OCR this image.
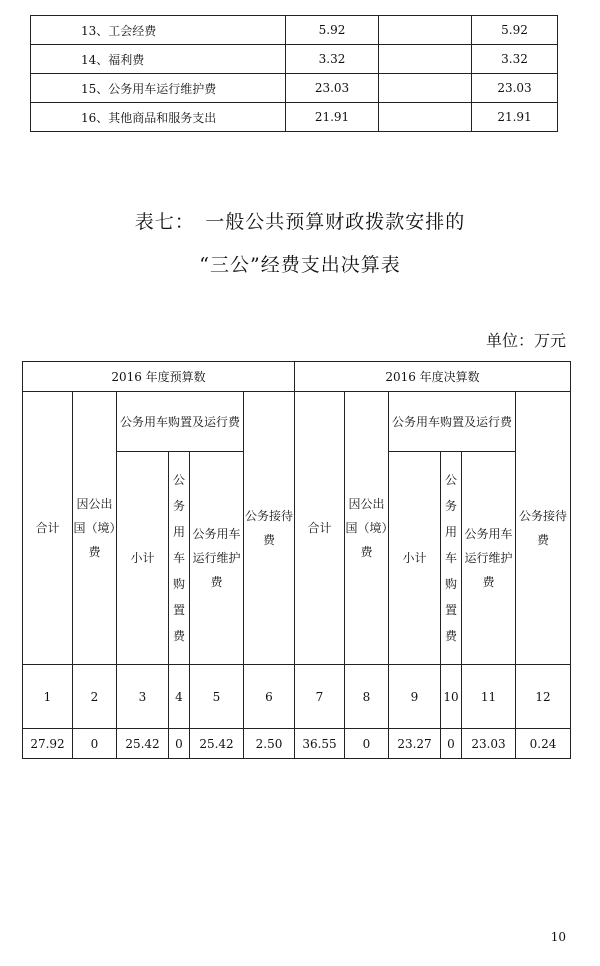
13、工会经费	5.92		5.92
14、福利费	3.32		3.32
15、公务用车运行维护费	23.03		23.03
16、其他商品和服务支出	21.91		21.91
表七：　一般公共预算财政拨款安排的
“三公”经费支出决算表
单位：万元
2016 年度预算数						2016 年度决算数					
合计	因公出国（境）费	公务用车购置及运行费			公务接待费	合计	因公出国（境）费	公务用车购置及运行费			公务接待费
		小计	公务用车购置费	公务用车运行维护费				小计	公务用车购置费	公务用车运行维护费	
1	2	3	4	5	6	7	8	9	10	11	12
27.92	0	25.42	0	25.42	2.50	36.55	0	23.27	0	23.03	0.24
10
